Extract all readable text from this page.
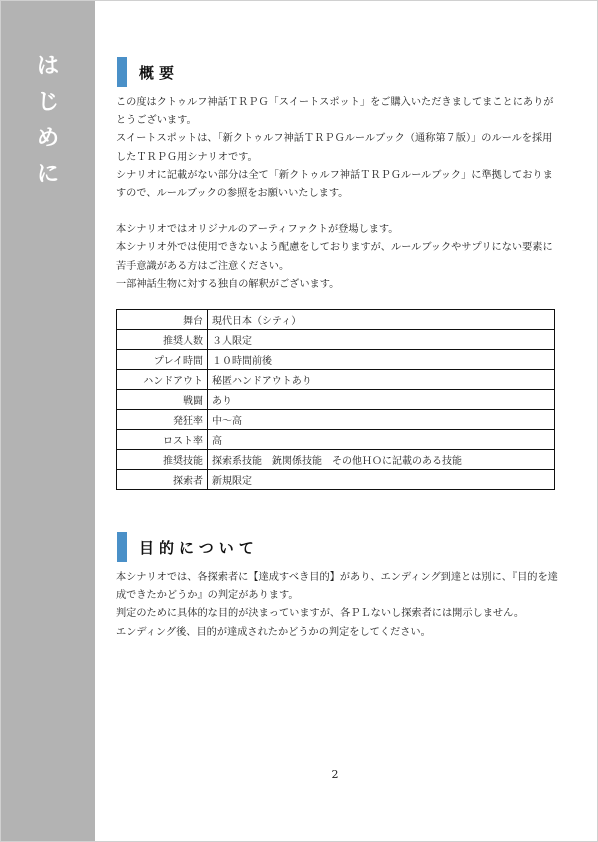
は
じ
め
に
概要

この度はクトゥルフ神話ＴＲＰＧ「スイートスポット」をご購入いただきましてまことにありがとうございます。

スイートスポットは、「新クトゥルフ神話ＴＲＰＧルールブック（通称第７版）」のルールを採用したＴＲＰＧ用シナリオです。

シナリオに記載がない部分は全て「新クトゥルフ神話ＴＲＰＧルールブック」に準拠しておりますので、ルールブックの参照をお願いいたします。

本シナリオではオリジナルのアーティファクトが登場します。

本シナリオ外では使用できないよう配慮をしておりますが、ルールブックやサプリにない要素に苦手意識がある方はご注意ください。

一部神話生物に対する独自の解釈がございます。

舞台	現代日本（シティ）
推奨人数	３人限定
プレイ時間	１０時間前後
ハンドアウト	秘匿ハンドアウトあり
戦闘	あり
発狂率	中〜高
ロスト率	高
推奨技能	探索系技能　銃関係技能　その他ＨＯに記載のある技能
探索者	新規限定
目的について

本シナリオでは、各探索者に【達成すべき目的】があり、エンディング到達とは別に、『目的を達成できたかどうか』の判定があります。

判定のために具体的な目的が決まっていますが、各ＰＬないし探索者には開示しません。

エンディング後、目的が達成されたかどうかの判定をしてください。

2
